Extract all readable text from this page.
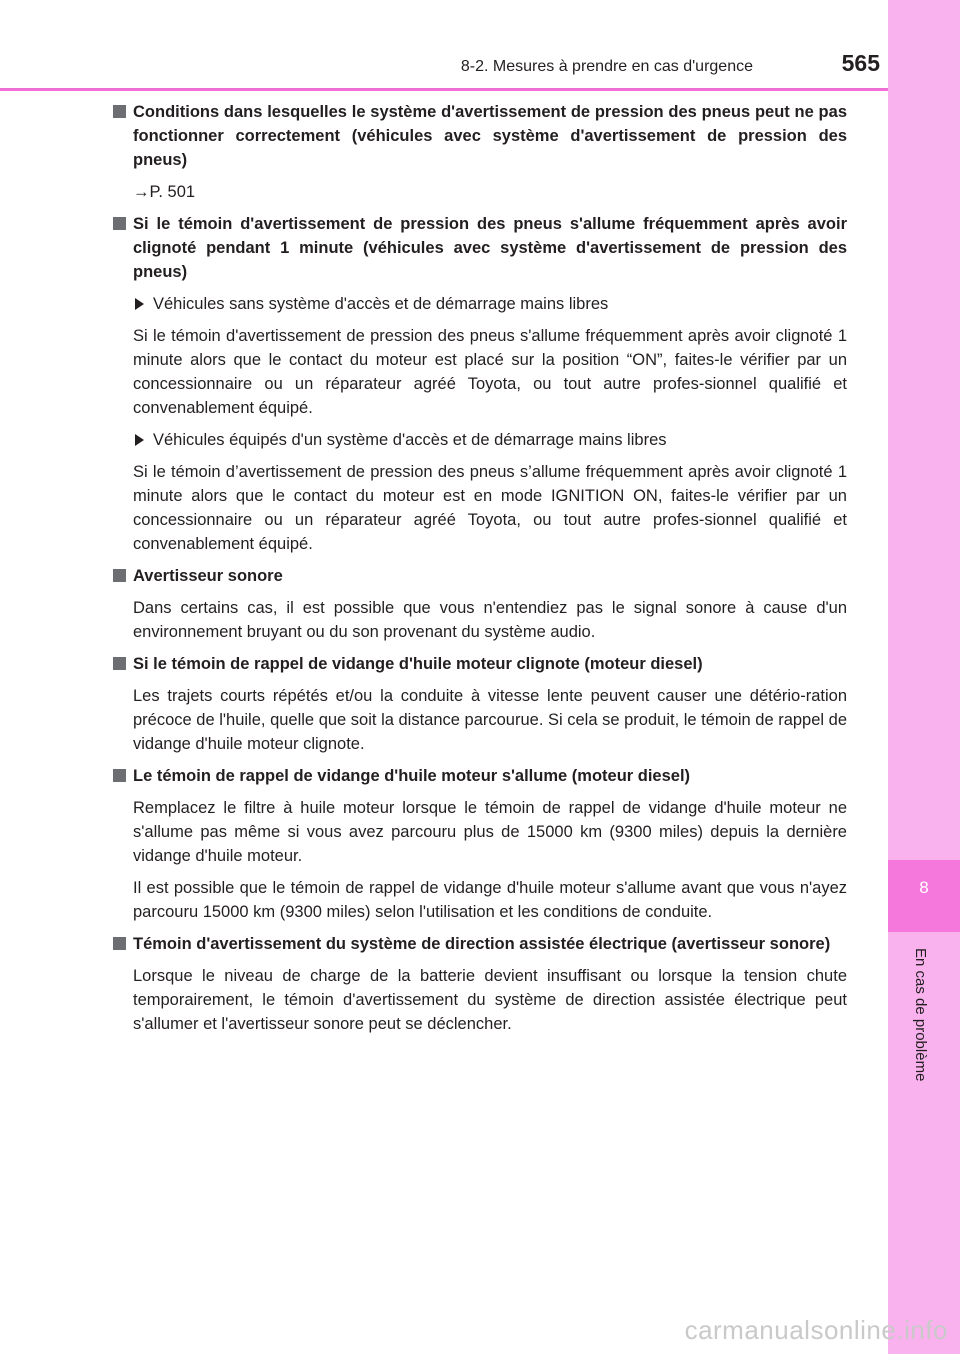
8-2. Mesures à prendre en cas d'urgence	565
8
En cas de problème
Conditions dans lesquelles le système d'avertissement de pression des pneus peut ne pas fonctionner correctement (véhicules avec système d'avertissement de pression des pneus)
→P. 501
Si le témoin d'avertissement de pression des pneus s'allume fréquemment après avoir clignoté pendant 1 minute (véhicules avec système d'avertissement de pression des pneus)
Véhicules sans système d'accès et de démarrage mains libres
Si le témoin d'avertissement de pression des pneus s'allume fréquemment après avoir clignoté 1 minute alors que le contact du moteur est placé sur la position “ON”, faites-le vérifier par un concessionnaire ou un réparateur agréé Toyota, ou tout autre profes-sionnel qualifié et convenablement équipé.
Véhicules équipés d'un système d'accès et de démarrage mains libres
Si le témoin d’avertissement de pression des pneus s’allume fréquemment après avoir clignoté 1 minute alors que le contact du moteur est en mode IGNITION ON, faites-le vérifier par un concessionnaire ou un réparateur agréé Toyota, ou tout autre profes-sionnel qualifié et convenablement équipé.
Avertisseur sonore
Dans certains cas, il est possible que vous n'entendiez pas le signal sonore à cause d'un environnement bruyant ou du son provenant du système audio.
Si le témoin de rappel de vidange d'huile moteur clignote (moteur diesel)
Les trajets courts répétés et/ou la conduite à vitesse lente peuvent causer une détério-ration précoce de l'huile, quelle que soit la distance parcourue. Si cela se produit, le témoin de rappel de vidange d'huile moteur clignote.
Le témoin de rappel de vidange d'huile moteur s'allume (moteur diesel)
Remplacez le filtre à huile moteur lorsque le témoin de rappel de vidange d'huile moteur ne s'allume pas même si vous avez parcouru plus de 15000 km (9300 miles) depuis la dernière vidange d'huile moteur.
Il est possible que le témoin de rappel de vidange d'huile moteur s'allume avant que vous n'ayez parcouru 15000 km (9300 miles) selon l'utilisation et les conditions de conduite.
Témoin d'avertissement du système de direction assistée électrique (avertisseur sonore)
Lorsque le niveau de charge de la batterie devient insuffisant ou lorsque la tension chute temporairement, le témoin d'avertissement du système de direction assistée électrique peut s'allumer et l'avertisseur sonore peut se déclencher.
carmanualsonline.info
